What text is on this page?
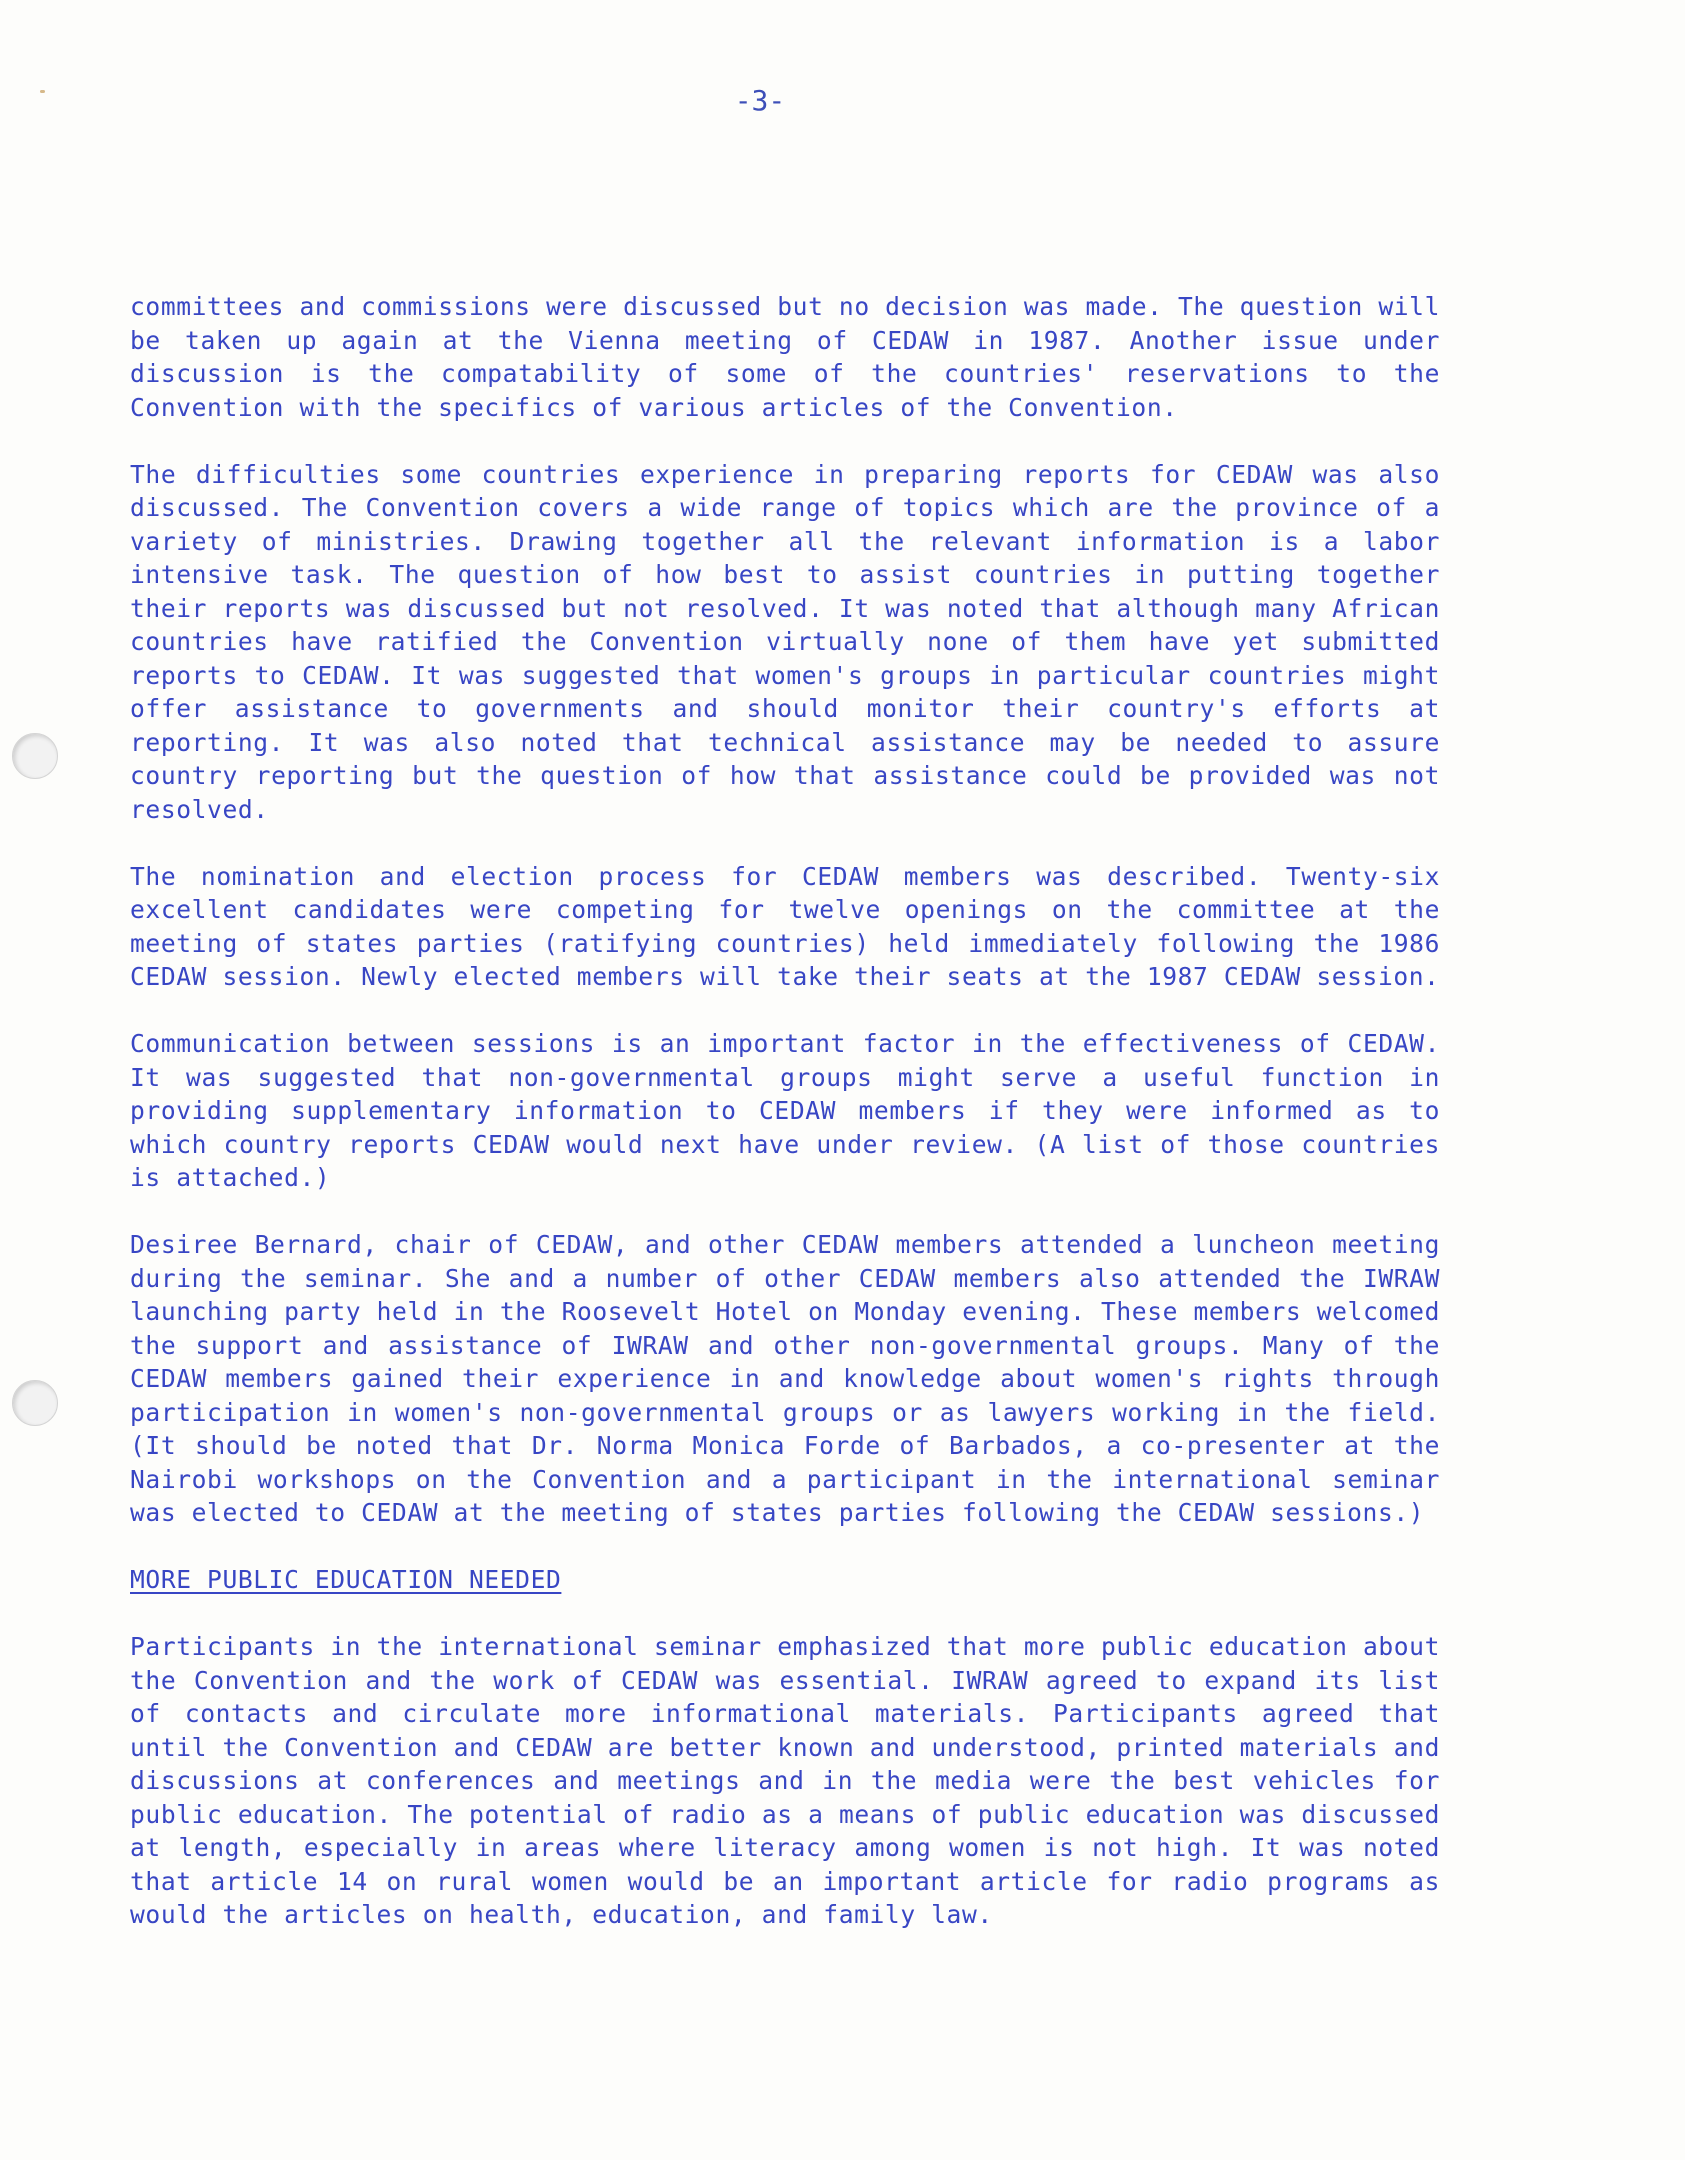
-3-

committees and commissions were discussed but no decision was made. The question will be taken up again at the Vienna meeting of CEDAW in 1987. Another issue under discussion is the compatability of some of the countries' reservations to the Convention with the specifics of various articles of the Convention.

The difficulties some countries experience in preparing reports for CEDAW was also discussed. The Convention covers a wide range of topics which are the province of a variety of ministries. Drawing together all the relevant information is a labor intensive task. The question of how best to assist countries in putting together their reports was discussed but not resolved. It was noted that although many African countries have ratified the Convention virtually none of them have yet submitted reports to CEDAW. It was suggested that women's groups in particular countries might offer assistance to governments and should monitor their country's efforts at reporting. It was also noted that technical assistance may be needed to assure country reporting but the question of how that assistance could be provided was not resolved.

The nomination and election process for CEDAW members was described. Twenty-six excellent candidates were competing for twelve openings on the committee at the meeting of states parties (ratifying countries) held immediately following the 1986 CEDAW session. Newly elected members will take their seats at the 1987 CEDAW session.

Communication between sessions is an important factor in the effectiveness of CEDAW. It was suggested that non-governmental groups might serve a useful function in providing supplementary information to CEDAW members if they were informed as to which country reports CEDAW would next have under review. (A list of those countries is attached.)

Desiree Bernard, chair of CEDAW, and other CEDAW members attended a luncheon meeting during the seminar. She and a number of other CEDAW members also attended the IWRAW launching party held in the Roosevelt Hotel on Monday evening. These members welcomed the support and assistance of IWRAW and other non-governmental groups. Many of the CEDAW members gained their experience in and knowledge about women's rights through participation in women's non-governmental groups or as lawyers working in the field. (It should be noted that Dr. Norma Monica Forde of Barbados, a co-presenter at the Nairobi workshops on the Convention and a participant in the international seminar was elected to CEDAW at the meeting of states parties following the CEDAW sessions.)

MORE PUBLIC EDUCATION NEEDED

Participants in the international seminar emphasized that more public education about the Convention and the work of CEDAW was essential. IWRAW agreed to expand its list of contacts and circulate more informational materials. Participants agreed that until the Convention and CEDAW are better known and understood, printed materials and discussions at conferences and meetings and in the media were the best vehicles for public education. The potential of radio as a means of public education was discussed at length, especially in areas where literacy among women is not high. It was noted that article 14 on rural women would be an important article for radio programs as would the articles on health, education, and family law.
